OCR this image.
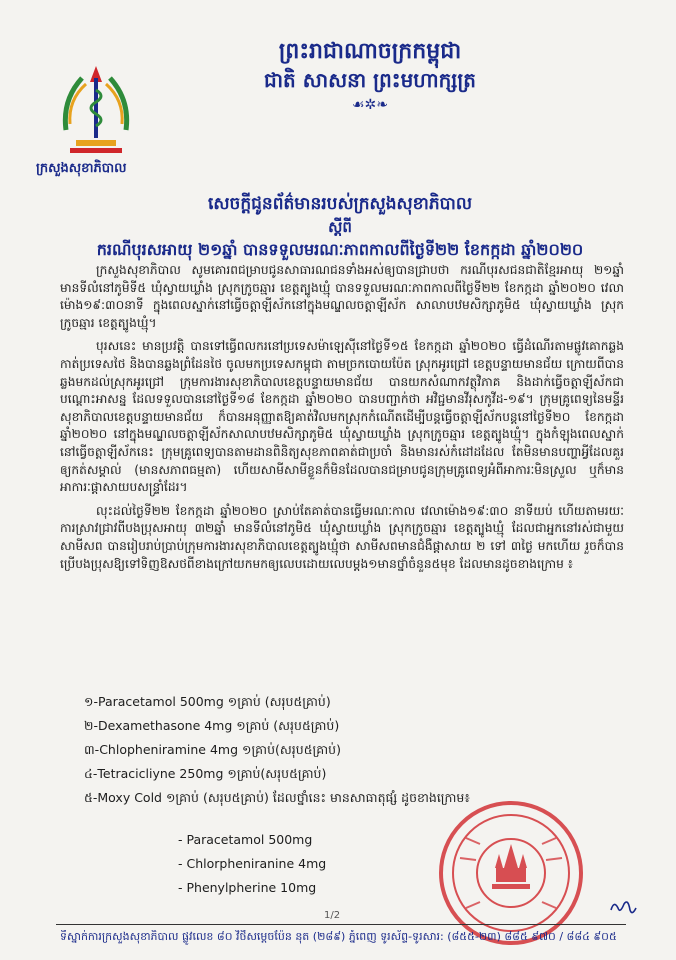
ក្រសួងសុខាភិបាល
ព្រះរាជាណាចក្រកម្ពុជា
ជាតិ សាសនា ព្រះមហាក្សត្រ
☙✲❧
សេចក្ដីជូនព័ត៌មានរបស់ក្រសួងសុខាភិបាល
ស្ដីពី
ករណីបុរសអាយុ ២១ឆ្នាំ បានទទួលមរណៈភាពកាលពីថ្ងៃទី២២ ខែកក្កដា ឆ្នាំ២០២០

ក្រសួងសុខាភិបាល សូមគោរពជម្រាបជូនសាធារណជនទាំងអស់ឲ្យបានជ្រាបថា ករណីបុរសជនជាតិខ្មែរអាយុ ២១ឆ្នាំ មានទីលំនៅភូមិទី៥ ឃុំស្វាយឃ្លាំង ស្រុកក្រូចឆ្មារ ខេត្តត្បូងឃ្មុំ បានទទួលមរណៈភាពកាលពីថ្ងៃទី២២ ខែកក្កដា ឆ្នាំ២០២០ វេលាម៉ោង១៩:៣០នាទី ក្នុងពេលស្នាក់នៅធ្វើចត្តាឡីស័កនៅក្នុងមណ្ឌលចត្តាឡីស័ក សាលាបឋមសិក្សាភូមិ៥ ឃុំស្វាយឃ្លាំង ស្រុកក្រូចឆ្មារ ខេត្តត្បូងឃ្មុំ។

បុរសនេះ មានប្រវត្តិ បានទៅធ្វើពលករនៅប្រទេសម៉ាឡេស៊ីនៅថ្ងៃទី១៥ ខែកក្កដា ឆ្នាំ២០២០ ធ្វើដំណើរតាមផ្លូវគោកឆ្លងកាត់ប្រទេសថៃ និងបានឆ្លងព្រំដែនថៃ ចូលមកប្រទេសកម្ពុជា តាមច្រកបោយប៉ែត ស្រុកអូរជ្រៅ ខេត្តបន្ទាយមានជ័យ ក្រោយពីបានឆ្លងមកដល់ស្រុកអូរជ្រៅ ក្រុមការងារសុខាភិបាលខេត្តបន្ទាយមានជ័យ បានយកសំណាកវត្ថុវិភាគ និងដាក់ធ្វើចត្តាឡីស័កជាបណ្ដោះអាសន្ន ដែលទទួលបាននៅថ្ងៃទី១៨ ខែកក្កដា ឆ្នាំ២០២០ បានបញ្ជាក់ថា អវិជ្ជមានវីរុសកូវីដ-១៩។ ក្រុមគ្រូពេទ្យនៃមន្ទីរសុខាភិបាលខេត្តបន្ទាយមានជ័យ ក៏បានអនុញ្ញាតឱ្យគាត់វិលមកស្រុកកំណើតដើម្បីបន្តធ្វើចត្តាឡីស័កបន្តនៅថ្ងៃទី២០ ខែកក្កដា ឆ្នាំ២០២០ នៅក្នុងមណ្ឌលចត្តាឡីស័កសាលាបឋមសិក្សាភូមិ៥ ឃុំស្វាយឃ្លាំង ស្រុកក្រូចឆ្មារ ខេត្តត្បូងឃ្មុំ។ ក្នុងកំឡុងពេលស្នាក់នៅធ្វើចត្តាឡីស័កនេះ ក្រុមគ្រូពេទ្យបានតាមដានពិនិត្យសុខភាពគាត់ជាប្រចាំ និងមានរស់កំដៅដដែល តែមិនមានបញ្ហាអ្វីដែលគួរឲ្យកត់សម្គាល់ (មានសភាពធម្មតា) ហើយសាមីសាមីខ្លួនក៏មិនដែលបានជម្រាបជូនក្រុមគ្រូពេទ្យអំពីអាការៈមិនស្រួល ឬក៏មានអាការៈផ្ដាសាយបសន្ទ្រាំដែរ។

លុះដល់ថ្ងៃទី២២ ខែកក្កដា ឆ្នាំ២០២០ ស្រាប់តែគាត់បានធ្វើមរណៈកាល វេលាម៉ោង១៩:៣០ នាទីយប់ ហើយតាមរយៈការស្រាវជ្រាវពីបងប្រុសអាយុ ៣២ឆ្នាំ មានទីលំនៅភូមិ៥ ឃុំស្វាយឃ្លាំង ស្រុកក្រូចឆ្មារ ខេត្តត្បូងឃ្មុំ ដែលជាអ្នកនៅរស់ជាមួយសាមីសព បានរៀបរាប់ប្រាប់ក្រុមការងារសុខាភិបាលខេត្តត្បូងឃ្មុំថា សាមីសពមានជំងឺផ្ដាសាយ ២ ទៅ ៣ថ្ងៃ មកហើយ រួចក៏បានប្រើបងប្រុសឱ្យទៅទិញឱសថពីខាងក្រៅយកមកឲ្យលេបដោយលេបម្ដង១មានថ្នាំចំនួន៥មុខ ដែលមានដូចខាងក្រោម ៖

១-Paracetamol 500mg ១គ្រាប់ (សរុប៥គ្រាប់)
២-Dexamethasone 4mg ១គ្រាប់ (សរុប៥គ្រាប់)
៣-Chlopheniramine 4mg ១គ្រាប់(សរុប៥គ្រាប់)
៤-Tetracicliyne 250mg ១គ្រាប់(សរុប៥គ្រាប់)
៥-Moxy Cold ១គ្រាប់ (សរុប៥គ្រាប់) ដែលថ្នាំនេះ មានសាធាតុផ្សំ ដូចខាងក្រោម៖
- Paracetamol 500mg
- Chlorpheniranine 4mg
- Phenylpherine 10mg
1/2
ទីស្នាក់ការក្រសួងសុខាភិបាល ផ្លូវលេខ ៨០ វិថីសម្ដេចប៉ែន នុត (២៨៩) ភ្នំពេញ ទូរស័ព្ទ-ទូរសារ: (៨៥៥-២៣) ៨៨៥ ៩៧០ / ៨៨៤ ៩០៥
